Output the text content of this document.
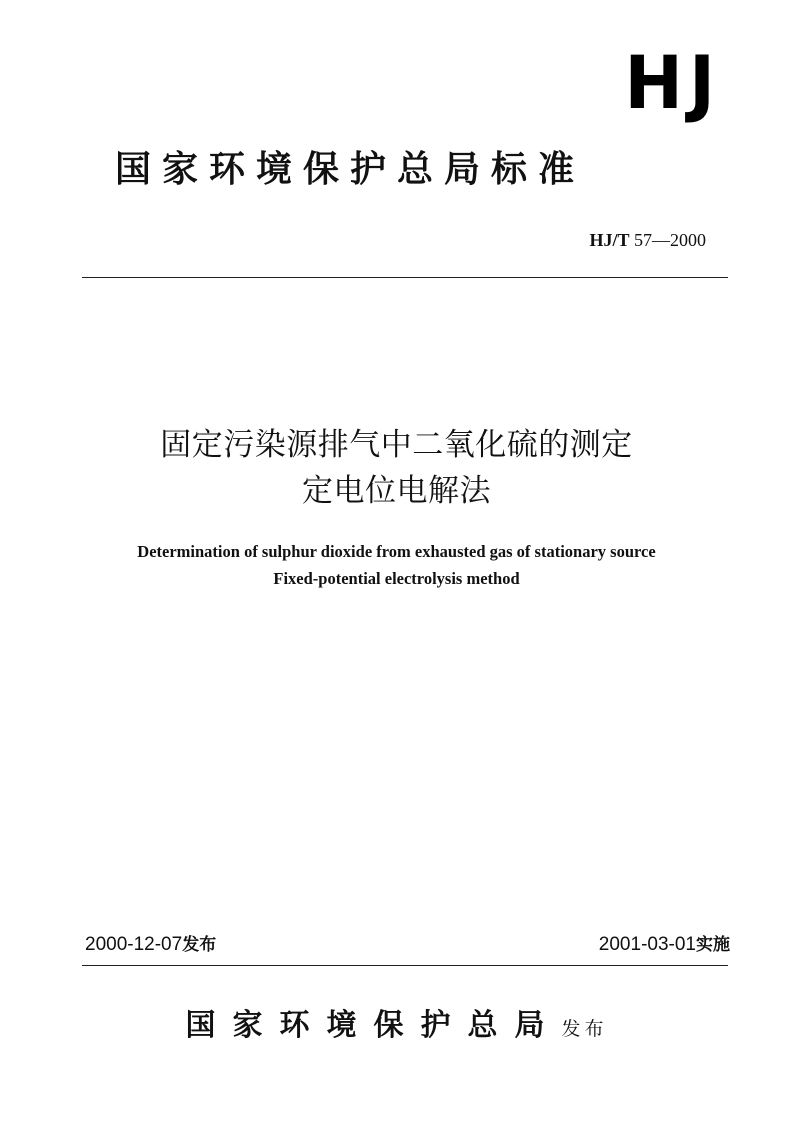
HJ
国家环境保护总局标准
HJ/T 57—2000
固定污染源排气中二氧化硫的测定
定电位电解法
Determination of sulphur dioxide from exhausted gas of stationary source
Fixed-potential electrolysis method
2000-12-07发布	2001-03-01实施
国家环境保护总局发布
